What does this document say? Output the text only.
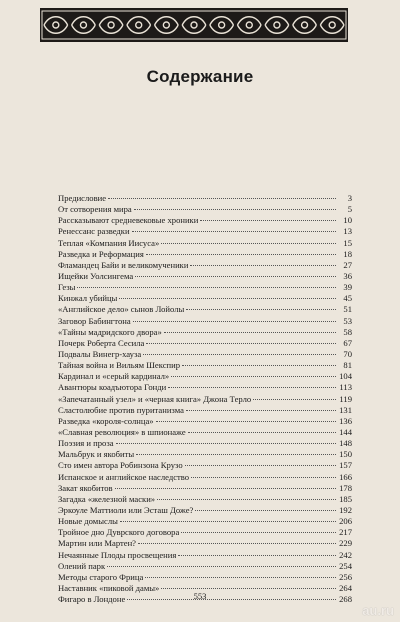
Содержание
Предисловие	3
От сотворения мира	5
Рассказывают средневековые хроники	10
Ренессанс разведки	13
Теплая «Компания Иисуса»	15
Разведка и Реформация	18
Фламандец Байи и великомученики	27
Ищейки Уолсингема	36
Гезы	39
Кинжал убийцы	45
«Английское дело» сынов Лойолы	51
Заговор Бабингтона	53
«Тайны мадридского двора»	58
Почерк Роберта Сесила	67
Подвалы Винегр-хауза	70
Тайная война и Вильям Шекспир	81
Кардинал и «серый кардинал»	104
Авантюры коадъютора Гонди	113
«Запечатанный узел» и «черная книга» Джона Терло	119
Сластолюбие против пуританизма	131
Разведка «короля-солнца»	136
«Славная революция» в шпионаже	144
Поэзия и проза	148
Мальбрук и якобиты	150
Сто имен автора Робинзона Крузо	157
Испанское и английское наследство	166
Закат якобитов	178
Загадка «железной маски»	185
Эркоуле Маттиоли или Эсташ Доже?	192
Новые домыслы	206
Тройное дно Дуврского договора	217
Мартин или Мартен?	229
Нечаянные Плоды просвещения	242
Олений парк	254
Методы старого Фрица	256
Наставник «пиковой дамы»	264
Фигаро в Лондоне	268
553
au.ru
